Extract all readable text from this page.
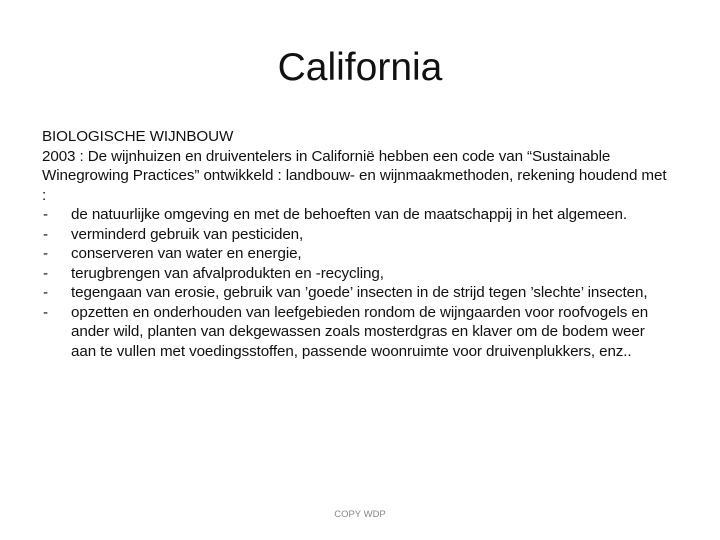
California

BIOLOGISCHE WIJNBOUW

2003 : De wijnhuizen en druiventelers in Californië hebben een code van “Sustainable Winegrowing Practices” ontwikkeld : landbouw- en wijnmaakmethoden, rekening houdend met :

- de natuurlijke omgeving en met de behoeften van de maatschappij in het algemeen.
- verminderd gebruik van pesticiden,
- conserveren van water en energie,
- terugbrengen van afvalprodukten en -recycling,
- tegengaan van erosie, gebruik van ’goede’ insecten in de strijd tegen ’slechte’ insecten,
- opzetten en onderhouden van leefgebieden rondom de wijngaarden voor roofvogels en ander wild, planten van dekgewassen zoals mosterdgras en klaver om de bodem weer aan te vullen met voedingsstoffen, passende woonruimte voor druivenplukkers, enz..
COPY WDP
